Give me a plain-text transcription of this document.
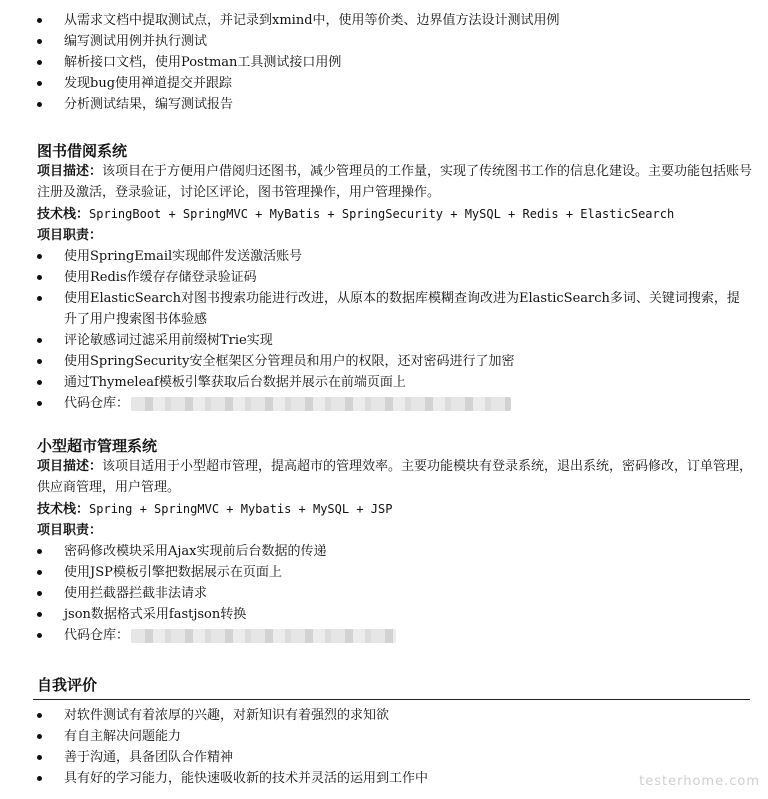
从需求文档中提取测试点，并记录到xmind中，使用等价类、边界值方法设计测试用例
编写测试用例并执行测试
解析接口文档，使用Postman工具测试接口用例
发现bug使用禅道提交并跟踪
分析测试结果，编写测试报告
图书借阅系统
项目描述：该项目在于方便用户借阅归还图书，减少管理员的工作量，实现了传统图书工作的信息化建设。主要功能包括账号注册及激活，登录验证，讨论区评论，图书管理操作，用户管理操作。
技术栈：SpringBoot + SpringMVC + MyBatis + SpringSecurity + MySQL + Redis + ElasticSearch
项目职责：
使用SpringEmail实现邮件发送激活账号
使用Redis作缓存存储登录验证码
使用ElasticSearch对图书搜索功能进行改进，从原本的数据库模糊查询改进为ElasticSearch多词、关键词搜索，提升了用户搜索图书体验感
评论敏感词过滤采用前缀树Trie实现
使用SpringSecurity安全框架区分管理员和用户的权限，还对密码进行了加密
通过Thymeleaf模板引擎获取后台数据并展示在前端页面上
代码仓库：
小型超市管理系统
项目描述：该项目适用于小型超市管理，提高超市的管理效率。主要功能模块有登录系统，退出系统，密码修改，订单管理，供应商管理，用户管理。
技术栈：Spring + SpringMVC + Mybatis + MySQL + JSP
项目职责：
密码修改模块采用Ajax实现前后台数据的传递
使用JSP模板引擎把数据展示在页面上
使用拦截器拦截非法请求
json数据格式采用fastjson转换
代码仓库：
自我评价
对软件测试有着浓厚的兴趣，对新知识有着强烈的求知欲
有自主解决问题能力
善于沟通，具备团队合作精神
具有好的学习能力，能快速吸收新的技术并灵活的运用到工作中	testerhome.com
